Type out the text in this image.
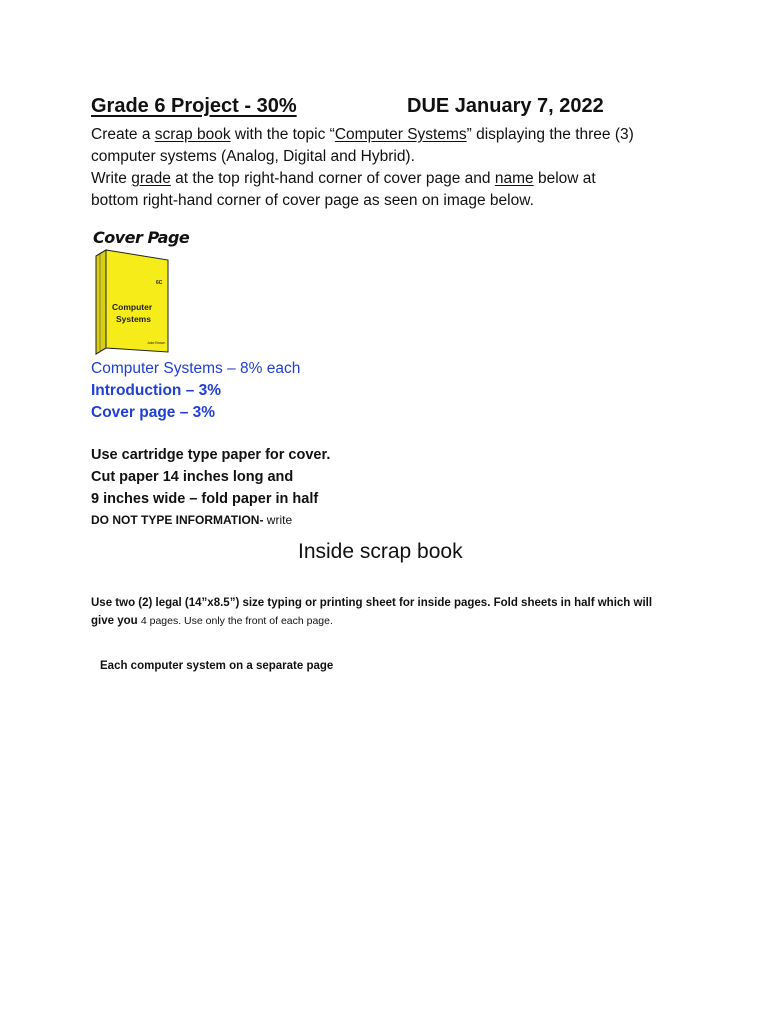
Grade 6 Project - 30%	DUE January 7, 2022
Create a scrap book with the topic “Computer Systems” displaying the three (3)
computer systems (Analog, Digital and Hybrid).
Write grade at the top right-hand corner of cover page and name below at
bottom right-hand corner of cover page as seen on image below.
Cover Page
6C
Computer
Systems
Jake Brown
Computer Systems – 8% each
Introduction – 3%
Cover page – 3%
Use cartridge type paper for cover.
Cut paper 14 inches long and
9 inches wide – fold paper in half
DO NOT TYPE INFORMATION- write
Inside scrap book
Use two (2) legal (14”x8.5”) size typing or printing sheet for inside pages. Fold sheets in half which will
give you 4 pages. Use only the front of each page.
Each computer system on a separate page
